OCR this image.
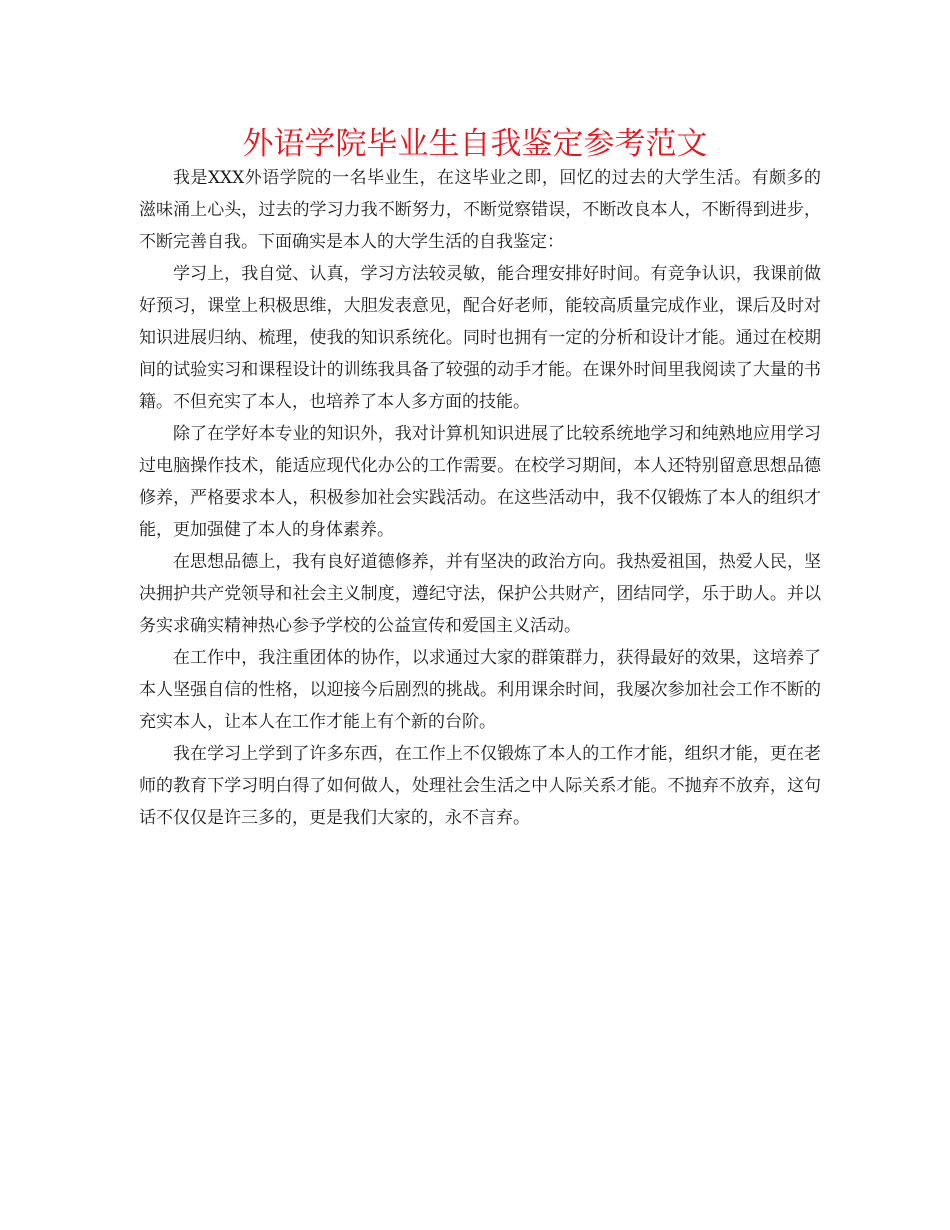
外语学院毕业生自我鉴定参考范文

我是XXX外语学院的一名毕业生，在这毕业之即，回忆的过去的大学生活。有颇多的滋味涌上心头，过去的学习力我不断努力，不断觉察错误，不断改良本人，不断得到进步，不断完善自我。下面确实是本人的大学生活的自我鉴定：

学习上，我自觉、认真，学习方法较灵敏，能合理安排好时间。有竞争认识，我课前做好预习，课堂上积极思维，大胆发表意见，配合好老师，能较高质量完成作业，课后及时对知识进展归纳、梳理，使我的知识系统化。同时也拥有一定的分析和设计才能。通过在校期间的试验实习和课程设计的训练我具备了较强的动手才能。在课外时间里我阅读了大量的书籍。不但充实了本人，也培养了本人多方面的技能。

除了在学好本专业的知识外，我对计算机知识进展了比较系统地学习和纯熟地应用学习过电脑操作技术，能适应现代化办公的工作需要。在校学习期间，本人还特别留意思想品德修养，严格要求本人，积极参加社会实践活动。在这些活动中，我不仅锻炼了本人的组织才能，更加强健了本人的身体素养。

在思想品德上，我有良好道德修养，并有坚决的政治方向。我热爱祖国，热爱人民，坚决拥护共产党领导和社会主义制度，遵纪守法，保护公共财产，团结同学，乐于助人。并以务实求确实精神热心参予学校的公益宣传和爱国主义活动。

在工作中，我注重团体的协作，以求通过大家的群策群力，获得最好的效果，这培养了本人坚强自信的性格，以迎接今后剧烈的挑战。利用课余时间，我屡次参加社会工作不断的充实本人，让本人在工作才能上有个新的台阶。

我在学习上学到了许多东西，在工作上不仅锻炼了本人的工作才能，组织才能，更在老师的教育下学习明白得了如何做人，处理社会生活之中人际关系才能。不抛弃不放弃，这句话不仅仅是许三多的，更是我们大家的，永不言弃。
